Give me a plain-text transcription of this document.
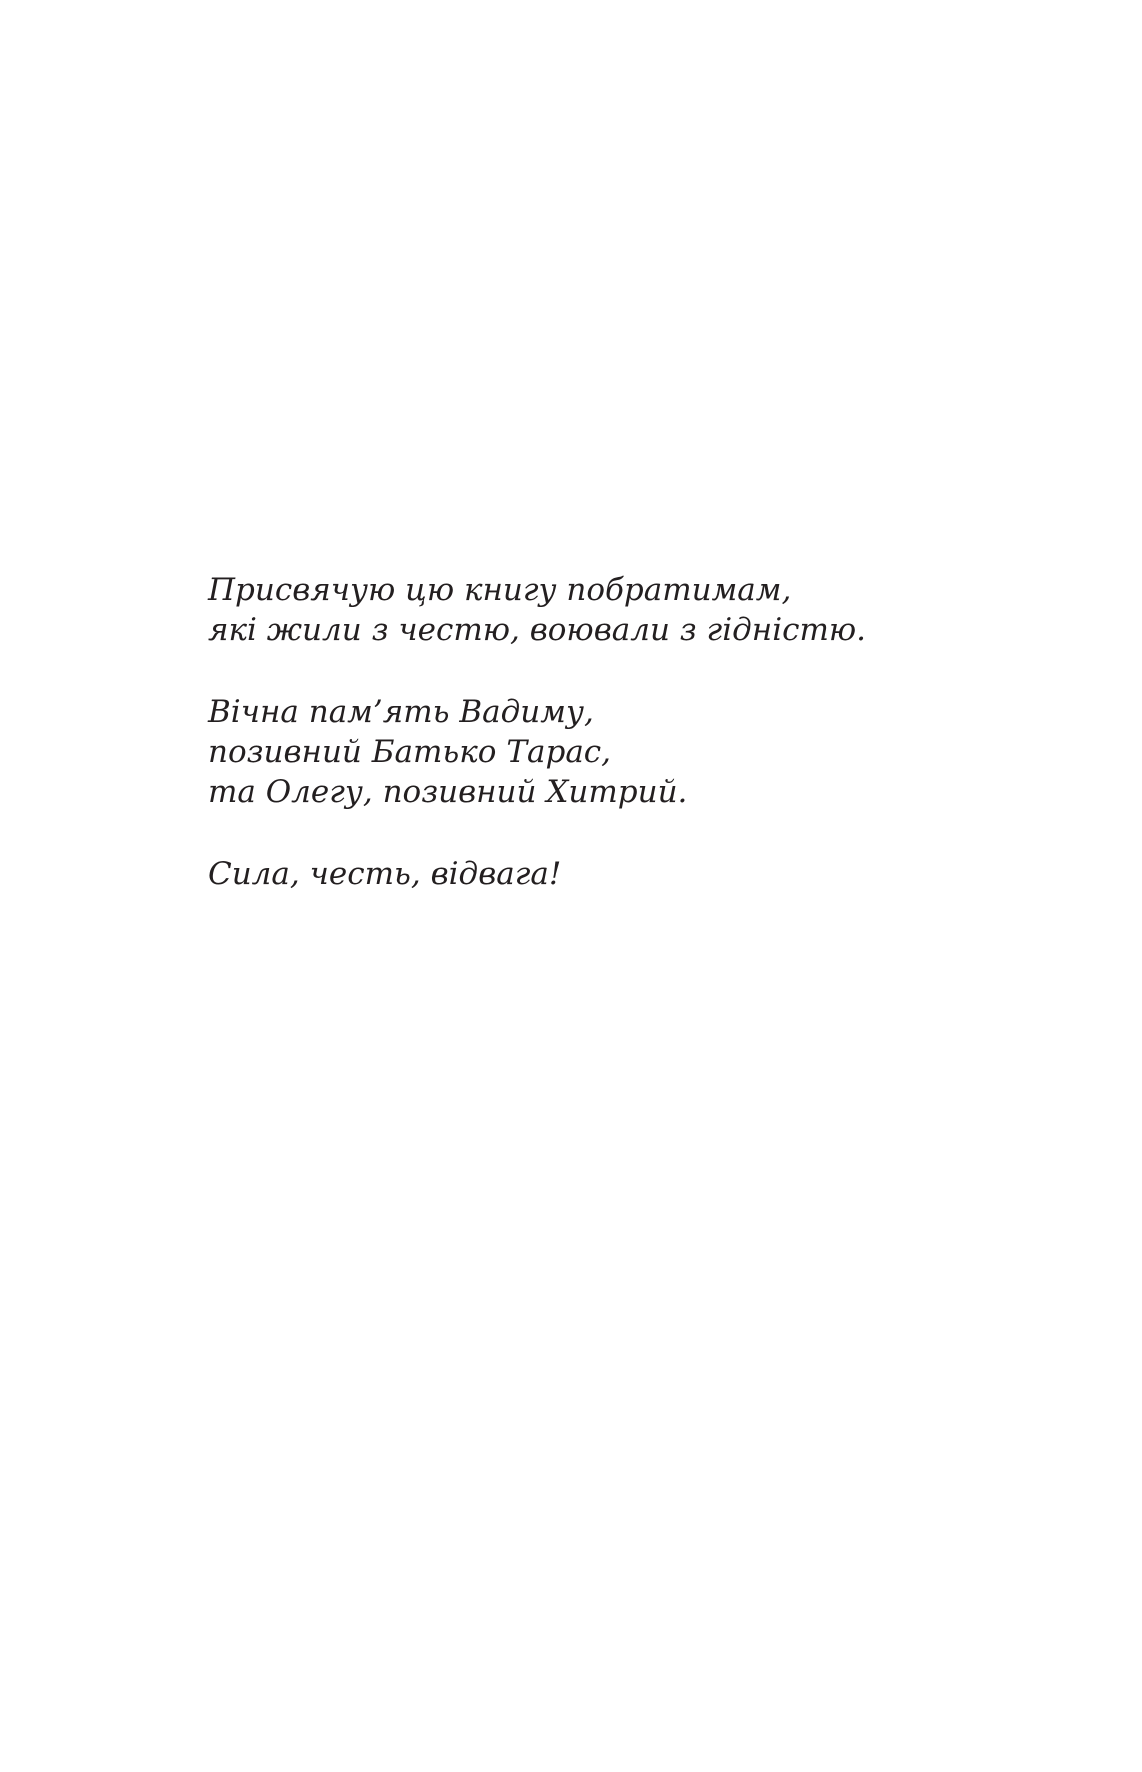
Присвячую цю книгу побратимам,
які жили з честю, воювали з гідністю.
Вічна пам’ять Вадиму,
позивний Батько Тарас,
та Олегу, позивний Хитрий.
Сила, честь, відвага!
